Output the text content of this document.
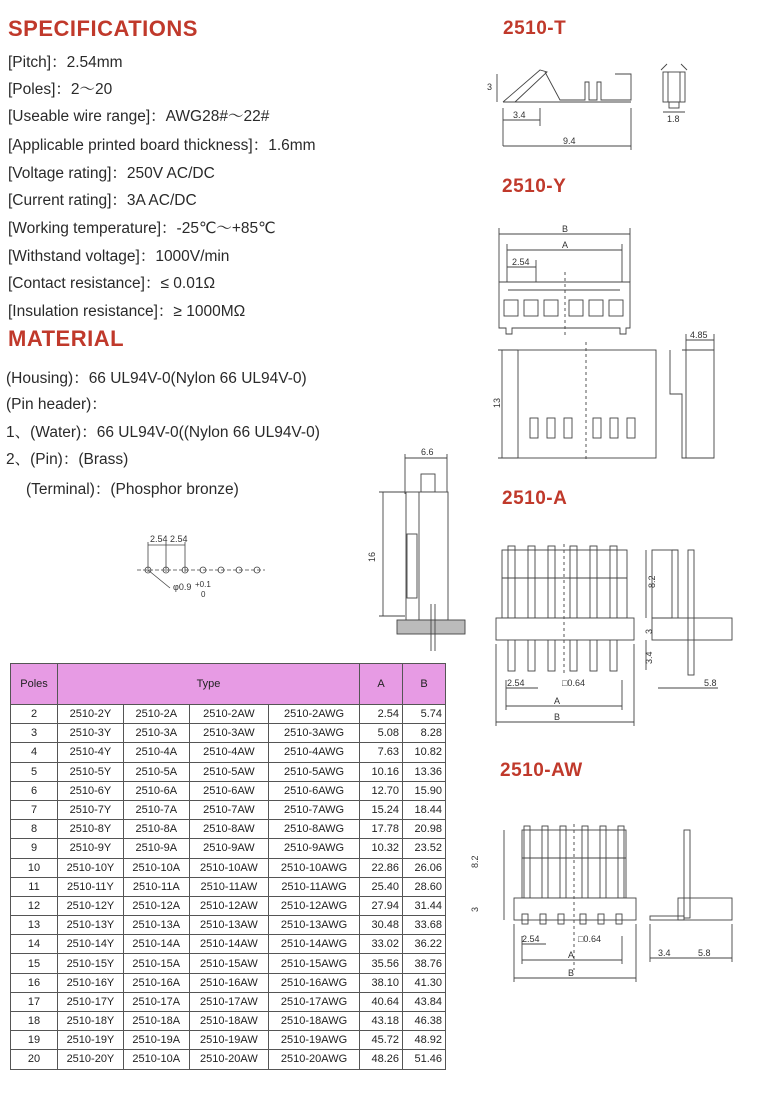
SPECIFICATIONS
[Pitch]：2.54mm
[Poles]：2～20
[Useable wire range]：AWG28#～22#
[Applicable printed board thickness]：1.6mm
[Voltage rating]：250V AC/DC
[Current rating]：3A AC/DC
[Working temperature]：-25℃～+85℃
[Withstand voltage]：1000V/min
[Contact resistance]：≤ 0.01Ω
[Insulation resistance]：≥ 1000MΩ
MATERIAL
(Housing)：66 UL94V-0(Nylon 66 UL94V-0)
(Pin header)：
1、(Water)：66 UL94V-0((Nylon 66 UL94V-0)
2、(Pin)：(Brass)
(Terminal)：(Phosphor bronze)
2.54 2.54
φ0.9 +0.1
0
6.6
16
2510-T
3
3.4
9.4
1.8
2510-Y
B
A
2.54
13
4.85
2510-A
8.2
3
3.4
2.54	□0.64
A
B
5.8
2510-AW
8.2
3
2.54	□0.64
A
B
3.4	5.8
Poles	Type				A	B
2	2510-2Y	2510-2A	2510-2AW	2510-2AWG	2.54	5.74
3	2510-3Y	2510-3A	2510-3AW	2510-3AWG	5.08	8.28
4	2510-4Y	2510-4A	2510-4AW	2510-4AWG	7.63	10.82
5	2510-5Y	2510-5A	2510-5AW	2510-5AWG	10.16	13.36
6	2510-6Y	2510-6A	2510-6AW	2510-6AWG	12.70	15.90
7	2510-7Y	2510-7A	2510-7AW	2510-7AWG	15.24	18.44
8	2510-8Y	2510-8A	2510-8AW	2510-8AWG	17.78	20.98
9	2510-9Y	2510-9A	2510-9AW	2510-9AWG	10.32	23.52
10	2510-10Y	2510-10A	2510-10AW	2510-10AWG	22.86	26.06
11	2510-11Y	2510-11A	2510-11AW	2510-11AWG	25.40	28.60
12	2510-12Y	2510-12A	2510-12AW	2510-12AWG	27.94	31.44
13	2510-13Y	2510-13A	2510-13AW	2510-13AWG	30.48	33.68
14	2510-14Y	2510-14A	2510-14AW	2510-14AWG	33.02	36.22
15	2510-15Y	2510-15A	2510-15AW	2510-15AWG	35.56	38.76
16	2510-16Y	2510-16A	2510-16AW	2510-16AWG	38.10	41.30
17	2510-17Y	2510-17A	2510-17AW	2510-17AWG	40.64	43.84
18	2510-18Y	2510-18A	2510-18AW	2510-18AWG	43.18	46.38
19	2510-19Y	2510-19A	2510-19AW	2510-19AWG	45.72	48.92
20	2510-20Y	2510-10A	2510-20AW	2510-20AWG	48.26	51.46
